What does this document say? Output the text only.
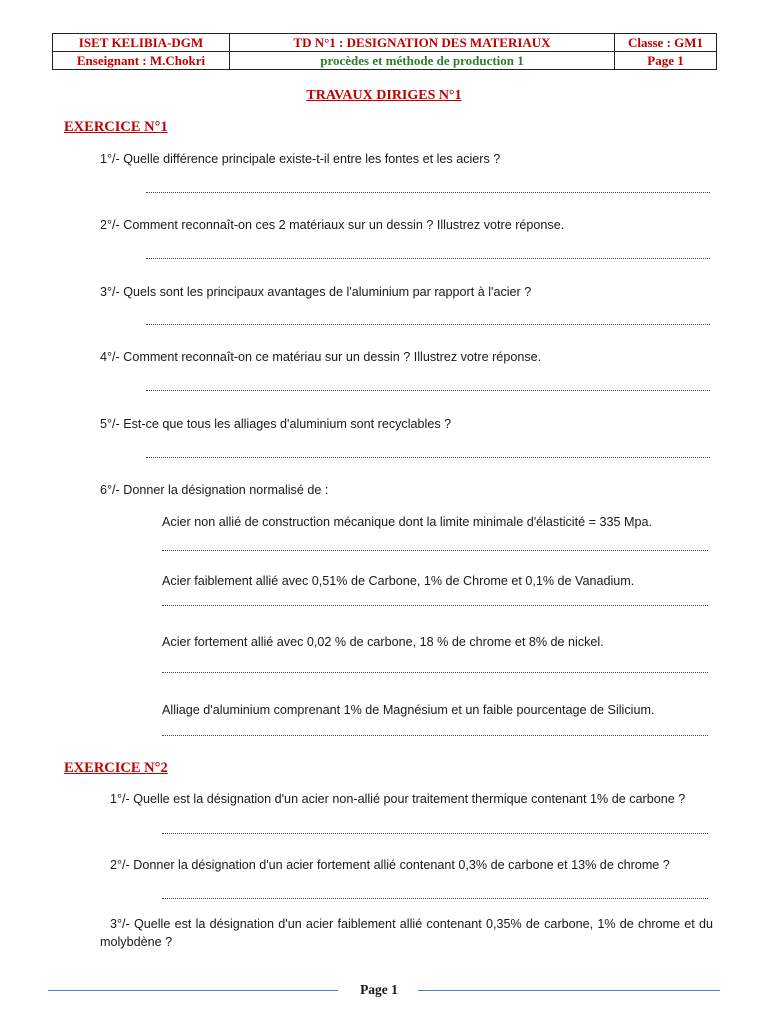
ISET KELIBIA-DGM	TD N°1 : DESIGNATION DES MATERIAUX	Classe : GM1
Enseignant : M.Chokri	procèdes et méthode de production 1	Page 1
TRAVAUX DIRIGES N°1
EXERCICE N°1
1°/- Quelle différence principale existe-t-il entre les fontes et les aciers ?
2°/- Comment reconnaît-on ces 2 matériaux sur un dessin ? Illustrez votre réponse.
3°/- Quels sont les principaux avantages de l'aluminium par rapport à l'acier ?
4°/- Comment reconnaît-on ce matériau sur un dessin ? Illustrez votre réponse.
5°/- Est-ce que tous les alliages d'aluminium sont recyclables ?
6°/- Donner la désignation normalisé de :
Acier non allié de construction mécanique dont la limite minimale d'élasticité = 335 Mpa.
Acier faiblement allié avec 0,51% de Carbone, 1% de Chrome et 0,1% de Vanadium.
Acier fortement allié avec 0,02 % de carbone, 18 % de chrome et 8% de nickel.
Alliage d'aluminium comprenant 1% de Magnésium et un faible pourcentage de Silicium.
EXERCICE N°2
1°/- Quelle est la désignation d'un acier non-allié pour traitement thermique contenant 1% de carbone ?
2°/- Donner la désignation d'un acier fortement allié contenant 0,3% de carbone et 13% de chrome ?
3°/- Quelle est la désignation d'un acier faiblement allié contenant 0,35% de carbone, 1% de chrome et du molybdène ?
Page 1
